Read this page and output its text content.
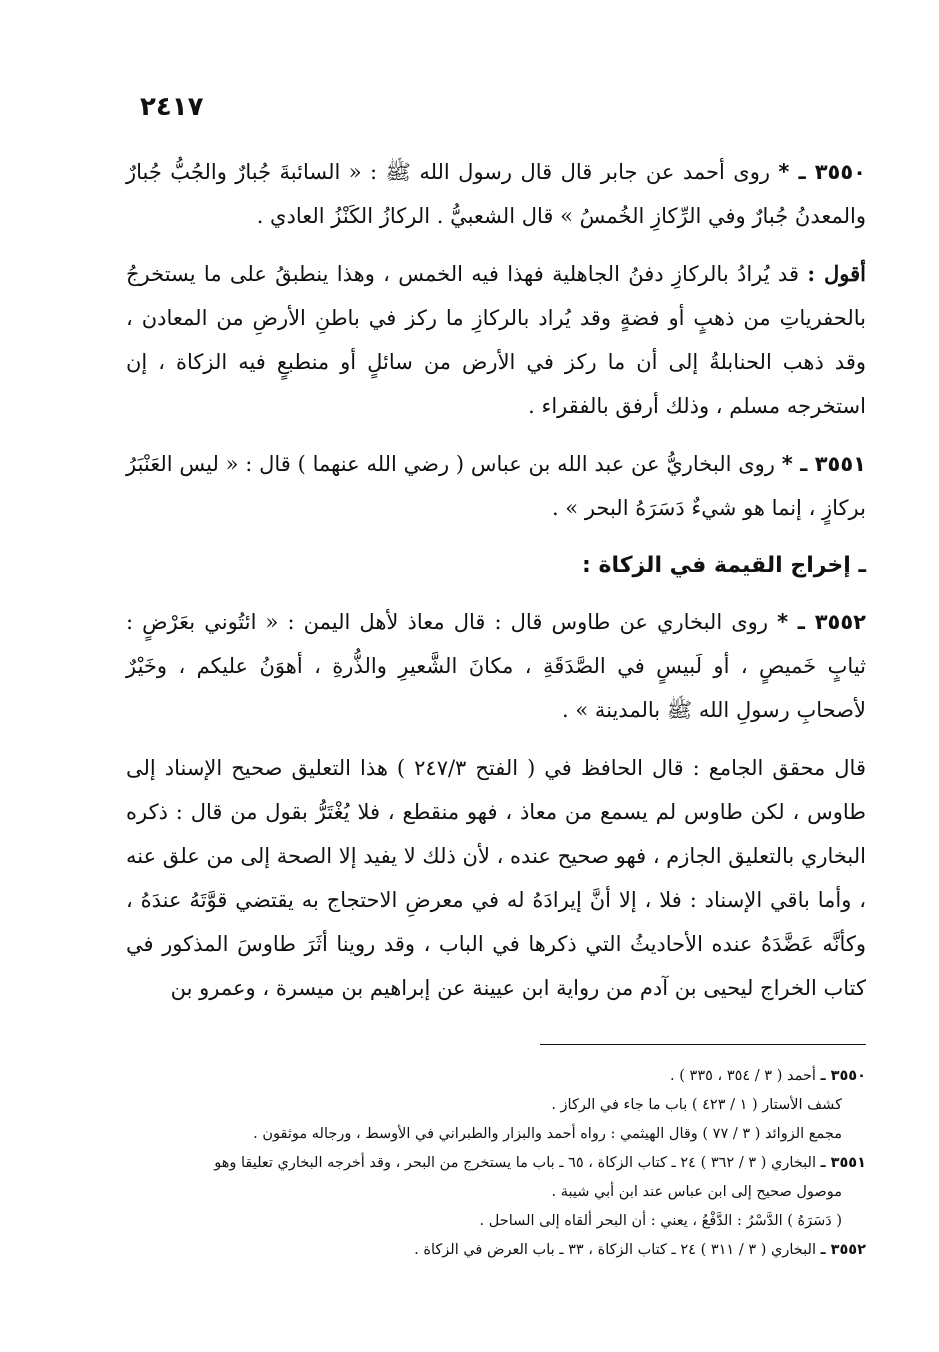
٢٤١٧

٣٥٥٠ ـ * روى أحمد عن جابر قال قال رسول الله ﷺ : « السائبةَ جُبارٌ والجُبُّ جُبارٌ والمعدنُ جُبارٌ وفي الرِّكازِ الخُمسُ » قال الشعبيُّ . الركازُ الكَنْزُ العادي .

أقول : قد يُرادُ بالركازِ دفنُ الجاهلية فهذا فيه الخمس ، وهذا ينطبقُ على ما يستخرجُ بالحفرياتِ من ذهبٍ أو فضةٍ وقد يُراد بالركازِ ما ركز في باطنِ الأرضِ من المعادن ، وقد ذهب الحنابلةُ إلى أن ما ركز في الأرض من سائلٍ أو منطبعٍ فيه الزكاة ، إن استخرجه مسلم ، وذلك أرفق بالفقراء .

٣٥٥١ ـ * روى البخاريُّ عن عبد الله بن عباس ( رضي الله عنهما ) قال : « ليس العَنْبَرُ بركازٍ ، إنما هو شيءٌ دَسَرَهُ البحر » .

ـ إخراج القيمة في الزكاة :

٣٥٥٢ ـ * روى البخاري عن طاوس قال : قال معاذ لأهل اليمن : « ائتُوني بعَرْضٍ : ثيابٍ خَميصٍ ، أو لَبيسٍ في الصَّدَقَةِ ، مكانَ الشَّعيرِ والذُّرةِ ، أهوَنُ عليكم ، وخَيْرٌ لأصحابِ رسولِ الله ﷺ بالمدينة » .

قال محقق الجامع : قال الحافظ في ( الفتح ٢٤٧/٣ ) هذا التعليق صحيح الإسناد إلى طاوس ، لكن طاوس لم يسمع من معاذ ، فهو منقطع ، فلا يُغْتَرُّ بقول من قال : ذكره البخاري بالتعليق الجازم ، فهو صحيح عنده ، لأن ذلك لا يفيد إلا الصحة إلى من علق عنه ، وأما باقي الإسناد : فلا ، إلا أنَّ إيرادَهُ له في معرضِ الاحتجاج به يقتضي قوَّتَهُ عندَهُ ، وكأنَّه عَضَّدَهُ عنده الأحاديثُ التي ذكرها في الباب ، وقد روينا أثَرَ طاوسَ المذكور في كتاب الخراج ليحيى بن آدم من رواية ابن عيينة عن إبراهيم بن ميسرة ، وعمرو بن

٣٥٥٠ ـ أحمد ( ٣ / ٣٥٤ ، ٣٣٥ ) .

كشف الأستار ( ١ / ٤٢٣ ) باب ما جاء في الركاز .

مجمع الزوائد ( ٣ / ٧٧ ) وقال الهيثمي : رواه أحمد والبزار والطبراني في الأوسط ، ورجاله موثقون .

٣٥٥١ ـ البخاري ( ٣ / ٣٦٢ ) ٢٤ ـ كتاب الزكاة ، ٦٥ ـ باب ما يستخرج من البحر ، وقد أخرجه البخاري تعليقا وهو

موصول صحيح إلى ابن عباس عند ابن أبي شيبة .

( دَسَرَهُ ) الدَّسْرُ : الدَّفْعُ ، يعني : أن البحر ألقاه إلى الساحل .

٣٥٥٢ ـ البخاري ( ٣ / ٣١١ ) ٢٤ ـ كتاب الزكاة ، ٣٣ ـ باب العرض في الزكاة .
